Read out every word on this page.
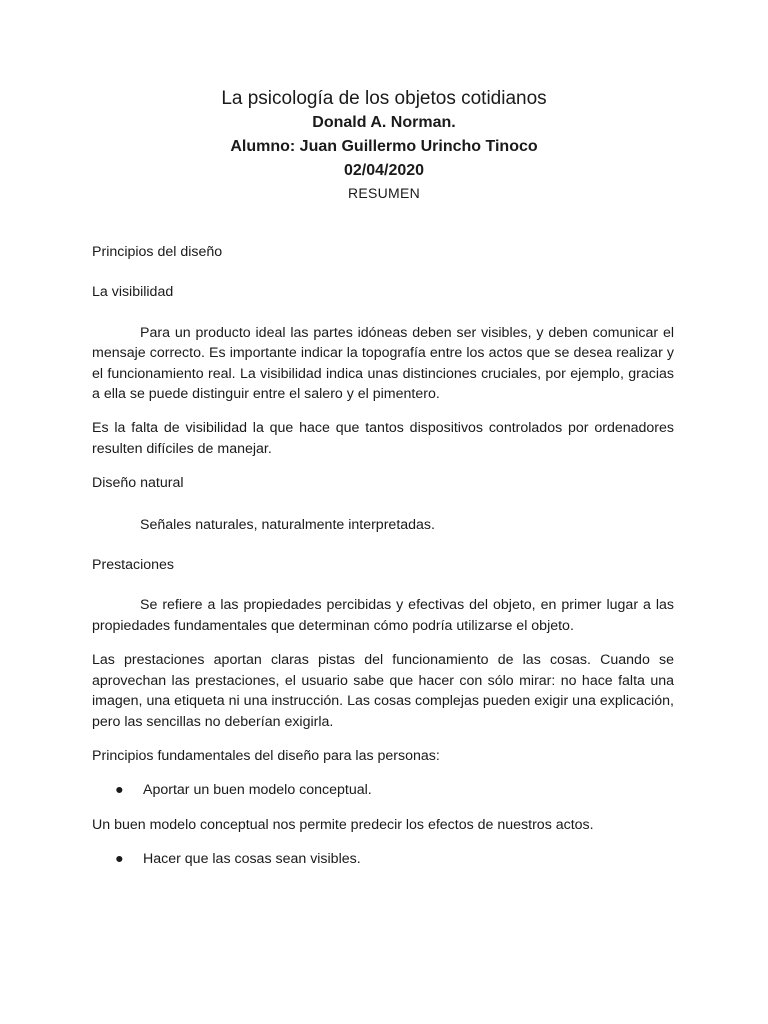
La psicología de los objetos cotidianos
Donald A. Norman.
Alumno: Juan Guillermo Urincho Tinoco
02/04/2020
RESUMEN

Principios del diseño

La visibilidad

Para un producto ideal las partes idóneas deben ser visibles, y deben comunicar el mensaje correcto. Es importante indicar la topografía entre los actos que se desea realizar y el funcionamiento real. La visibilidad indica unas distinciones cruciales, por ejemplo, gracias a ella se puede distinguir entre el salero y el pimentero.

Es la falta de visibilidad la que hace que tantos dispositivos controlados por ordenadores resulten difíciles de manejar.

Diseño natural

Señales naturales, naturalmente interpretadas.

Prestaciones

Se refiere a las propiedades percibidas y efectivas del objeto, en primer lugar a las propiedades fundamentales que determinan cómo podría utilizarse el objeto.

Las prestaciones aportan claras pistas del funcionamiento de las cosas. Cuando se aprovechan las prestaciones, el usuario sabe que hacer con sólo mirar: no hace falta una imagen, una etiqueta ni una instrucción. Las cosas complejas pueden exigir una explicación, pero las sencillas no deberían exigirla.

Principios fundamentales del diseño para las personas:

● Aportar un buen modelo conceptual.

Un buen modelo conceptual nos permite predecir los efectos de nuestros actos.

● Hacer que las cosas sean visibles.
